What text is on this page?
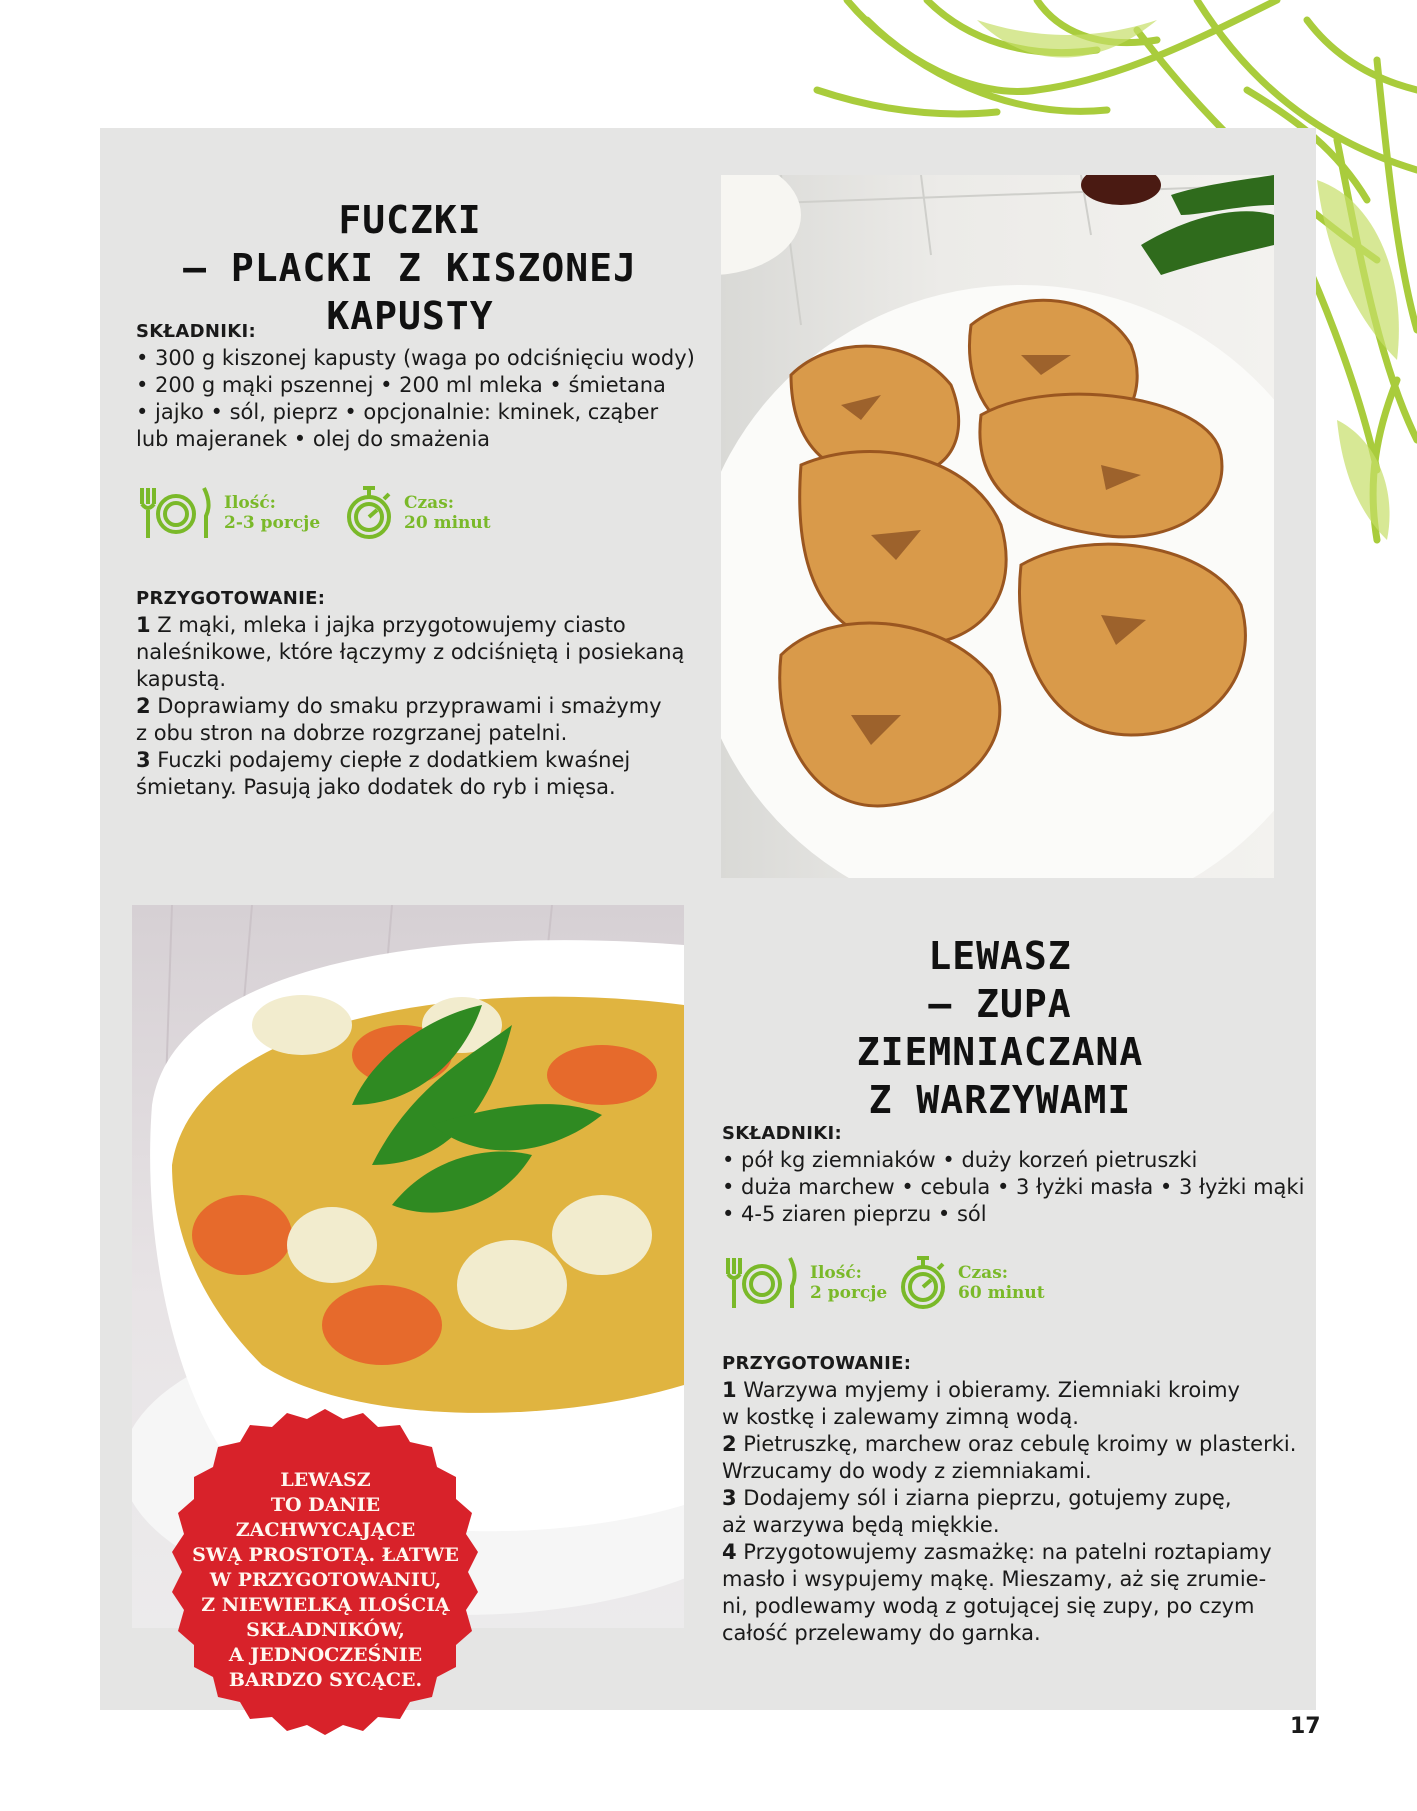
FUCZKI
– PLACKI Z KISZONEJ KAPUSTY
SKŁADNIKI:
• 300 g kiszonej kapusty (waga po odciśnięciu wody)
• 200 g mąki pszennej • 200 ml mleka • śmietana
• jajko • sól, pieprz • opcjonalnie: kminek, cząber
lub majeranek • olej do smażenia
Ilość:
2-3 porcje
Czas:
20 minut
PRZYGOTOWANIE:
1 Z mąki, mleka i jajka przygotowujemy ciasto
naleśnikowe, które łączymy z odciśniętą i posiekaną
kapustą.
2 Doprawiamy do smaku przyprawami i smażymy
z obu stron na dobrze rozgrzanej patelni.
3 Fuczki podajemy ciepłe z dodatkiem kwaśnej
śmietany. Pasują jako dodatek do ryb i mięsa.
LEWASZ
– ZUPA ZIEMNIACZANA
Z WARZYWAMI
SKŁADNIKI:
• pół kg ziemniaków • duży korzeń pietruszki
• duża marchew • cebula • 3 łyżki masła • 3 łyżki mąki
• 4-5 ziaren pieprzu • sól
Ilość:
2 porcje
Czas:
60 minut
PRZYGOTOWANIE:
1 Warzywa myjemy i obieramy. Ziemniaki kroimy
w kostkę i zalewamy zimną wodą.
2 Pietruszkę, marchew oraz cebulę kroimy w plasterki.
Wrzucamy do wody z ziemniakami.
3 Dodajemy sól i ziarna pieprzu, gotujemy zupę,
aż warzywa będą miękkie.
4 Przygotowujemy zasmażkę: na patelni roztapiamy
masło i wsypujemy mąkę. Mieszamy, aż się zrumie-
ni, podlewamy wodą z gotującej się zupy, po czym
całość przelewamy do garnka.
LEWASZ
TO DANIE
ZACHWYCAJĄCE
SWĄ PROSTOTĄ. ŁATWE
W PRZYGOTOWANIU,
Z NIEWIELKĄ ILOŚCIĄ
SKŁADNIKÓW,
A JEDNOCZEŚNIE
BARDZO SYCĄCE.
17
